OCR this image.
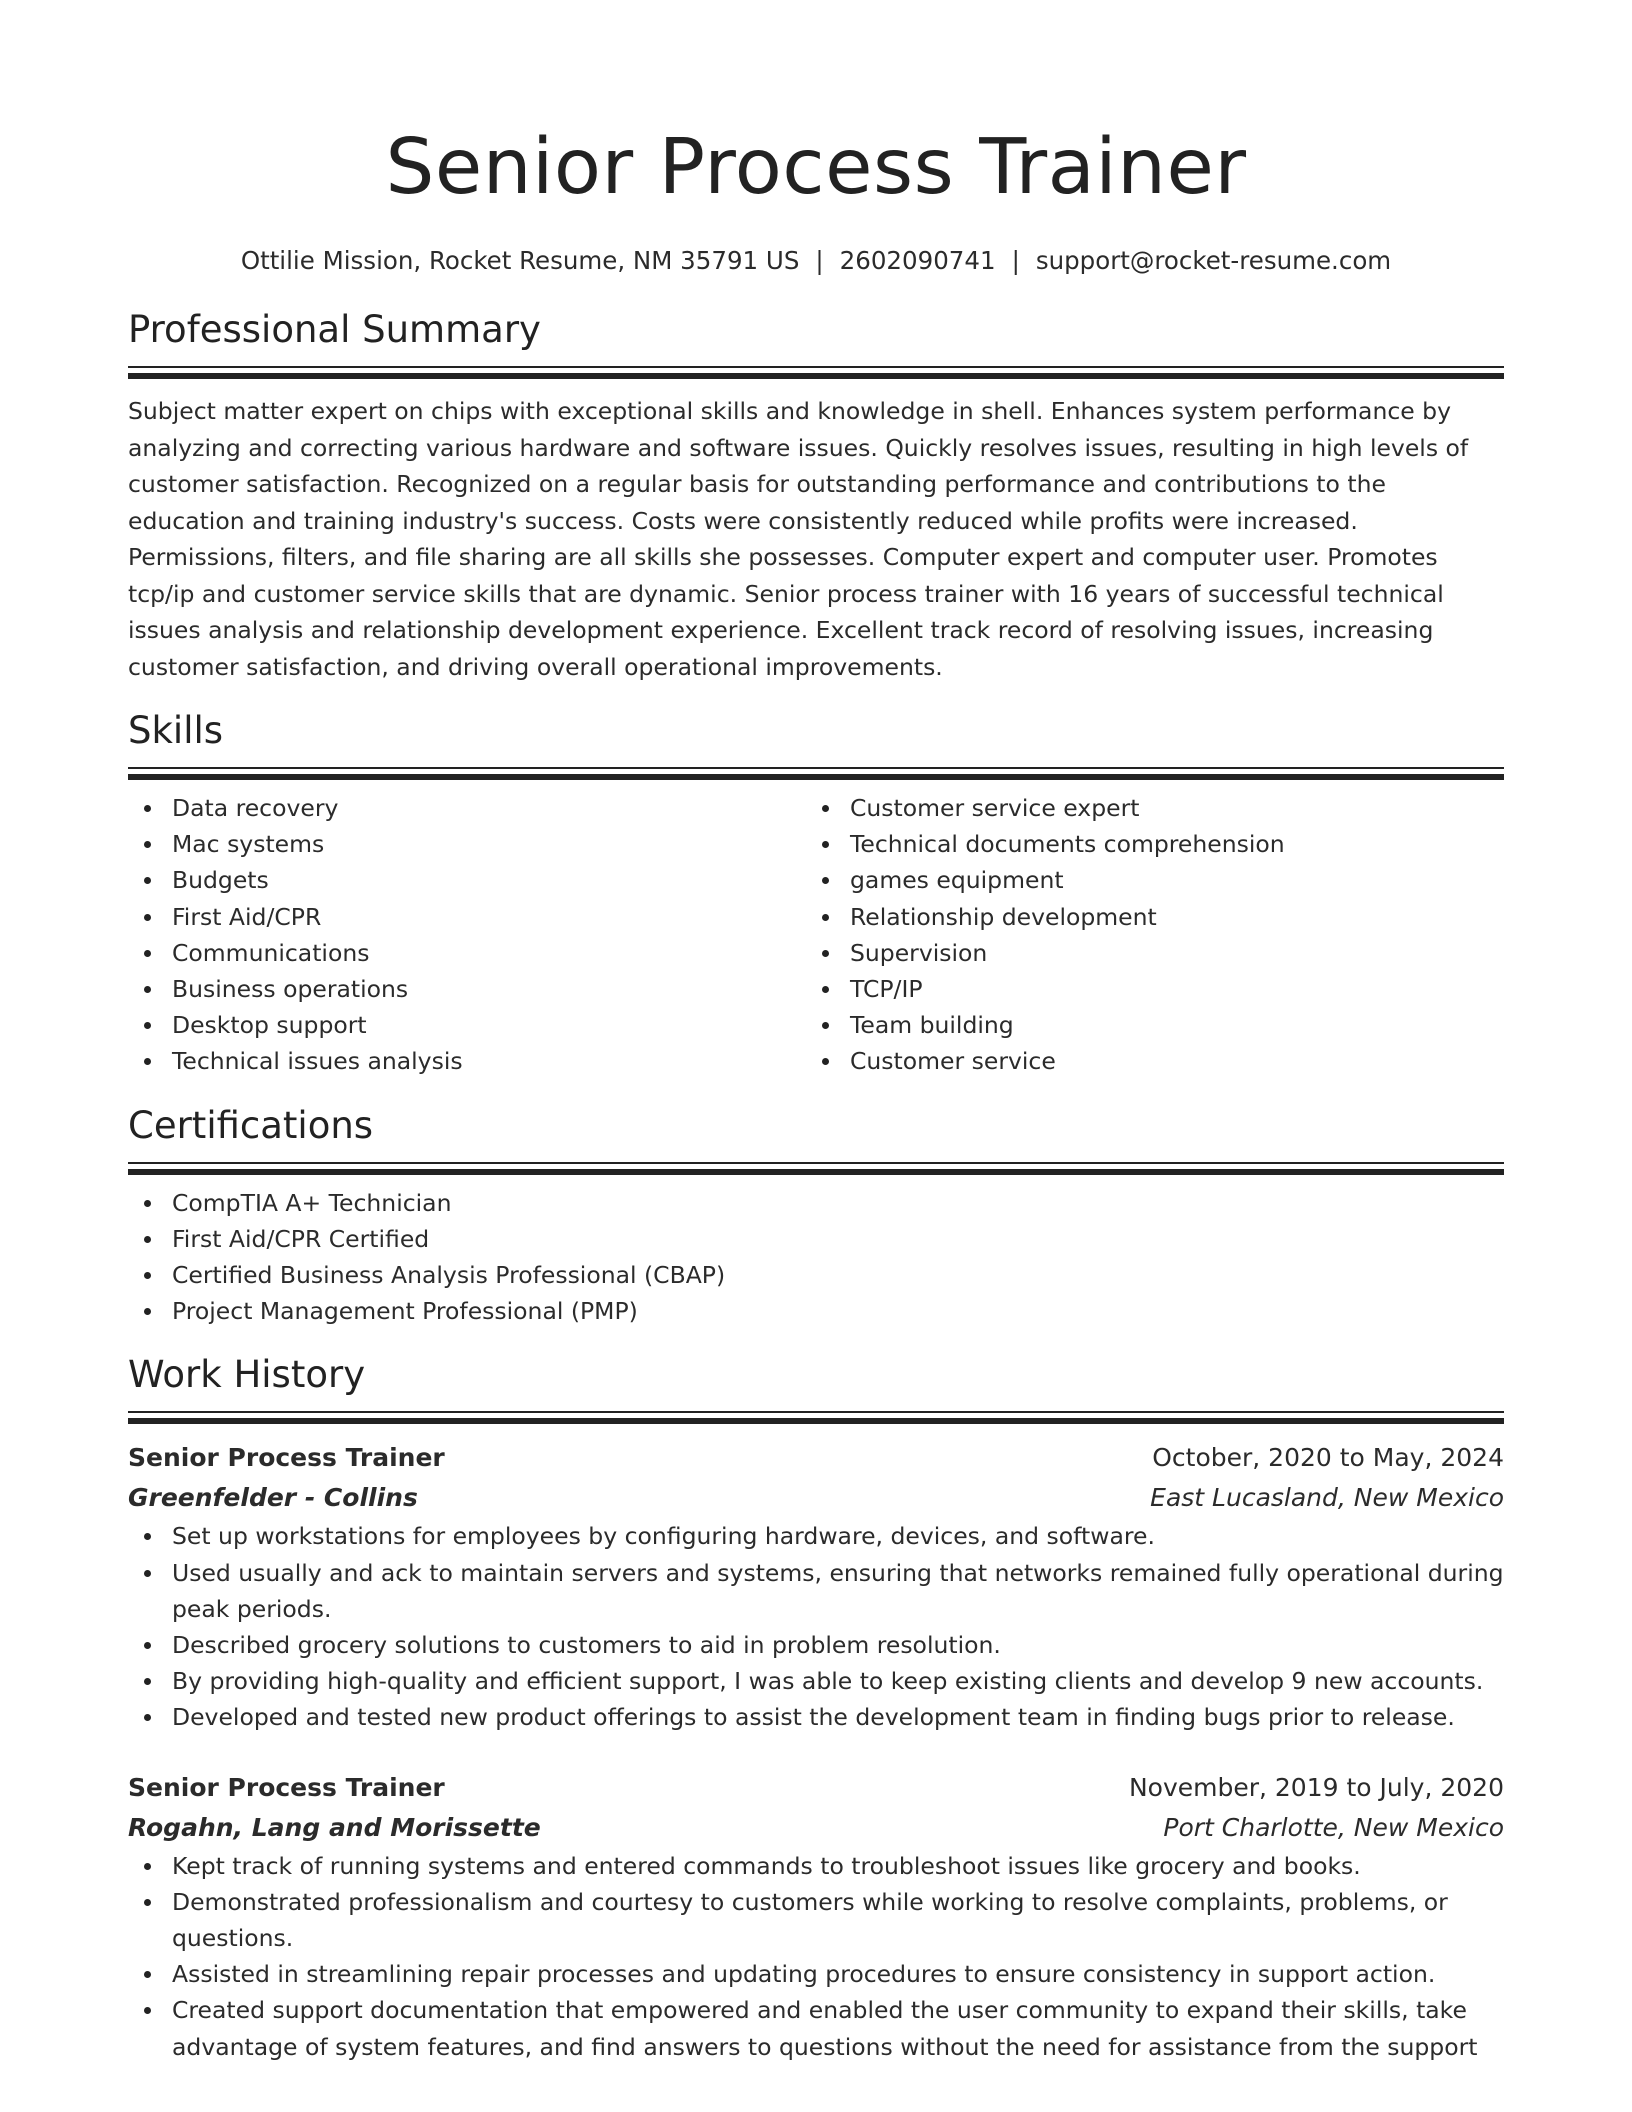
Senior Process Trainer
Ottilie Mission, Rocket Resume, NM 35791 US | 2602090741 | support@rocket-resume.com
Professional Summary
Subject matter expert on chips with exceptional skills and knowledge in shell. Enhances system performance by analyzing and correcting various hardware and software issues. Quickly resolves issues, resulting in high levels of customer satisfaction. Recognized on a regular basis for outstanding performance and contributions to the education and training industry's success. Costs were consistently reduced while profits were increased. Permissions, filters, and file sharing are all skills she possesses. Computer expert and computer user. Promotes tcp/ip and customer service skills that are dynamic. Senior process trainer with 16 years of successful technical issues analysis and relationship development experience. Excellent track record of resolving issues, increasing customer satisfaction, and driving overall operational improvements.
Skills
Data recovery
Mac systems
Budgets
First Aid/CPR
Communications
Business operations
Desktop support
Technical issues analysis
Customer service expert
Technical documents comprehension
games equipment
Relationship development
Supervision
TCP/IP
Team building
Customer service
Certifications
CompTIA A+ Technician
First Aid/CPR Certified
Certified Business Analysis Professional (CBAP)
Project Management Professional (PMP)
Work History
Senior Process Trainer	October, 2020 to May, 2024
Greenfelder - Collins	East Lucasland, New Mexico
Set up workstations for employees by configuring hardware, devices, and software.
Used usually and ack to maintain servers and systems, ensuring that networks remained fully operational during peak periods.
Described grocery solutions to customers to aid in problem resolution.
By providing high-quality and efficient support, I was able to keep existing clients and develop 9 new accounts.
Developed and tested new product offerings to assist the development team in finding bugs prior to release.
Senior Process Trainer	November, 2019 to July, 2020
Rogahn, Lang and Morissette	Port Charlotte, New Mexico
Kept track of running systems and entered commands to troubleshoot issues like grocery and books.
Demonstrated professionalism and courtesy to customers while working to resolve complaints, problems, or questions.
Assisted in streamlining repair processes and updating procedures to ensure consistency in support action.
Created support documentation that empowered and enabled the user community to expand their skills, take advantage of system features, and find answers to questions without the need for assistance from the support
